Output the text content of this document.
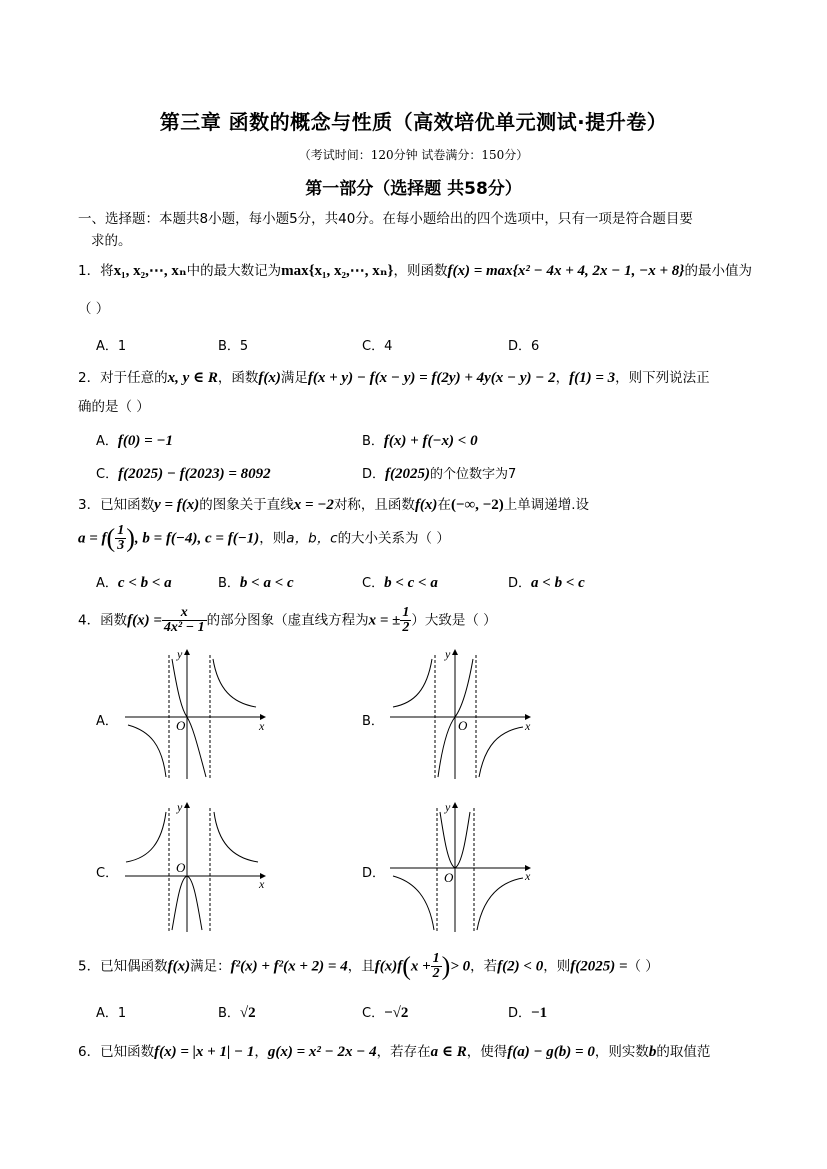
第三章 函数的概念与性质（高效培优单元测试·提升卷）
（考试时间：120分钟 试卷满分：150分）
第一部分（选择题 共58分）
一、选择题：本题共8小题，每小题5分，共40分。在每小题给出的四个选项中，只有一项是符合题目要
求的。
1．将x₁, x₂,⋯, xₙ中的最大数记为max{x₁, x₂,⋯, xₙ}，则函数f(x) = max{x² − 4x + 4, 2x − 1, −x + 8}的最小值为
（ ）
A．1	B．5	C．4	D．6
2．对于任意的x, y ∈ R，函数f(x)满足f(x + y) − f(x − y) = f(2y) + 4y(x − y) − 2，f(1) = 3，则下列说法正
确的是（ ）
A．f(0) = −1	B．f(x) + f(−x) < 0
C．f(2025) − f(2023) = 8092	D．f(2025)的个位数字为7
3．已知函数y = f(x)的图象关于直线x = −2对称，且函数f(x)在(−∞, −2)上单调递增.设
$a = f( \frac{1}{3}$ ), b = f(−4), c = f(−1)，则a，b，c的大小关系为（ ）
A．c < b < a	B．b < a < c	C．b < c < a	D．a < b < c
4．函数$f(x) = \frac{x}{\text{4x² − 1}}$ 的部分图象（虚直线方程为x = ± $\frac{1}{2}$ ）大致是（ ）
A．	B．
C．	D．
x
y
O	x
y
O
x
y
O
x
y
O
5．已知偶函数f(x)满足：f²(x) + f²(x + 2) = 4，且$f(x)f(x + \frac{1}{2}$ )> 0，若f(2) < 0，则f(2025) =（ ）
A．1	B．√2	C．−√2	D．−1
6．已知函数f(x) = |x + 1| − 1，g(x) = x² − 2x − 4，若存在a ∈ R，使得f(a) − g(b) = 0，则实数b的取值范
